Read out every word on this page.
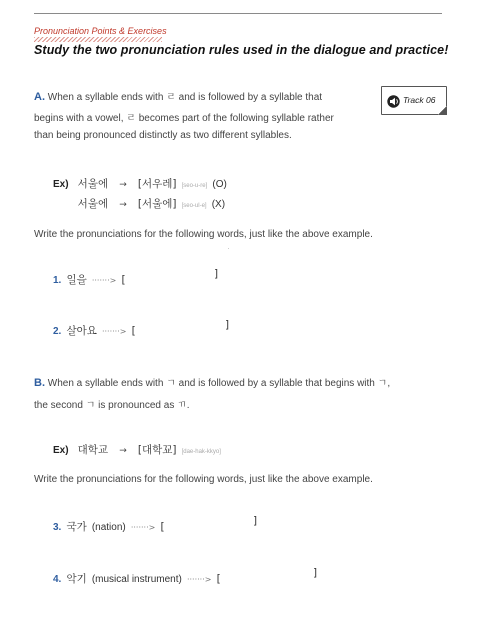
Pronunciation Points & Exercises
Study the two pronunciation rules used in the dialogue and practice!
Track 06
A. When a syllable ends with ㄹ and is followed by a syllable that
begins with a vowel, ㄹ becomes part of the following syllable rather
than being pronounced distinctly as two different syllables.
Ex) 서울에 → [서우레] [seo-u-re] (O)
서울에 → [서울에] [seo-ul-e] (X)
Write the pronunciations for the following words, just like the above example.
1. 일을 ·······> [	]
2. 살아요 ·······> [	]
B. When a syllable ends with ㄱ and is followed by a syllable that begins with ㄱ,
the second ㄱ is pronounced as ㄲ.
Ex) 대학교 → [대학꾜] [dae-hak-kkyo]
Write the pronunciations for the following words, just like the above example.
3. 국가 (nation) ·······> [	]
4. 악기 (musical instrument) ·······> [	]
